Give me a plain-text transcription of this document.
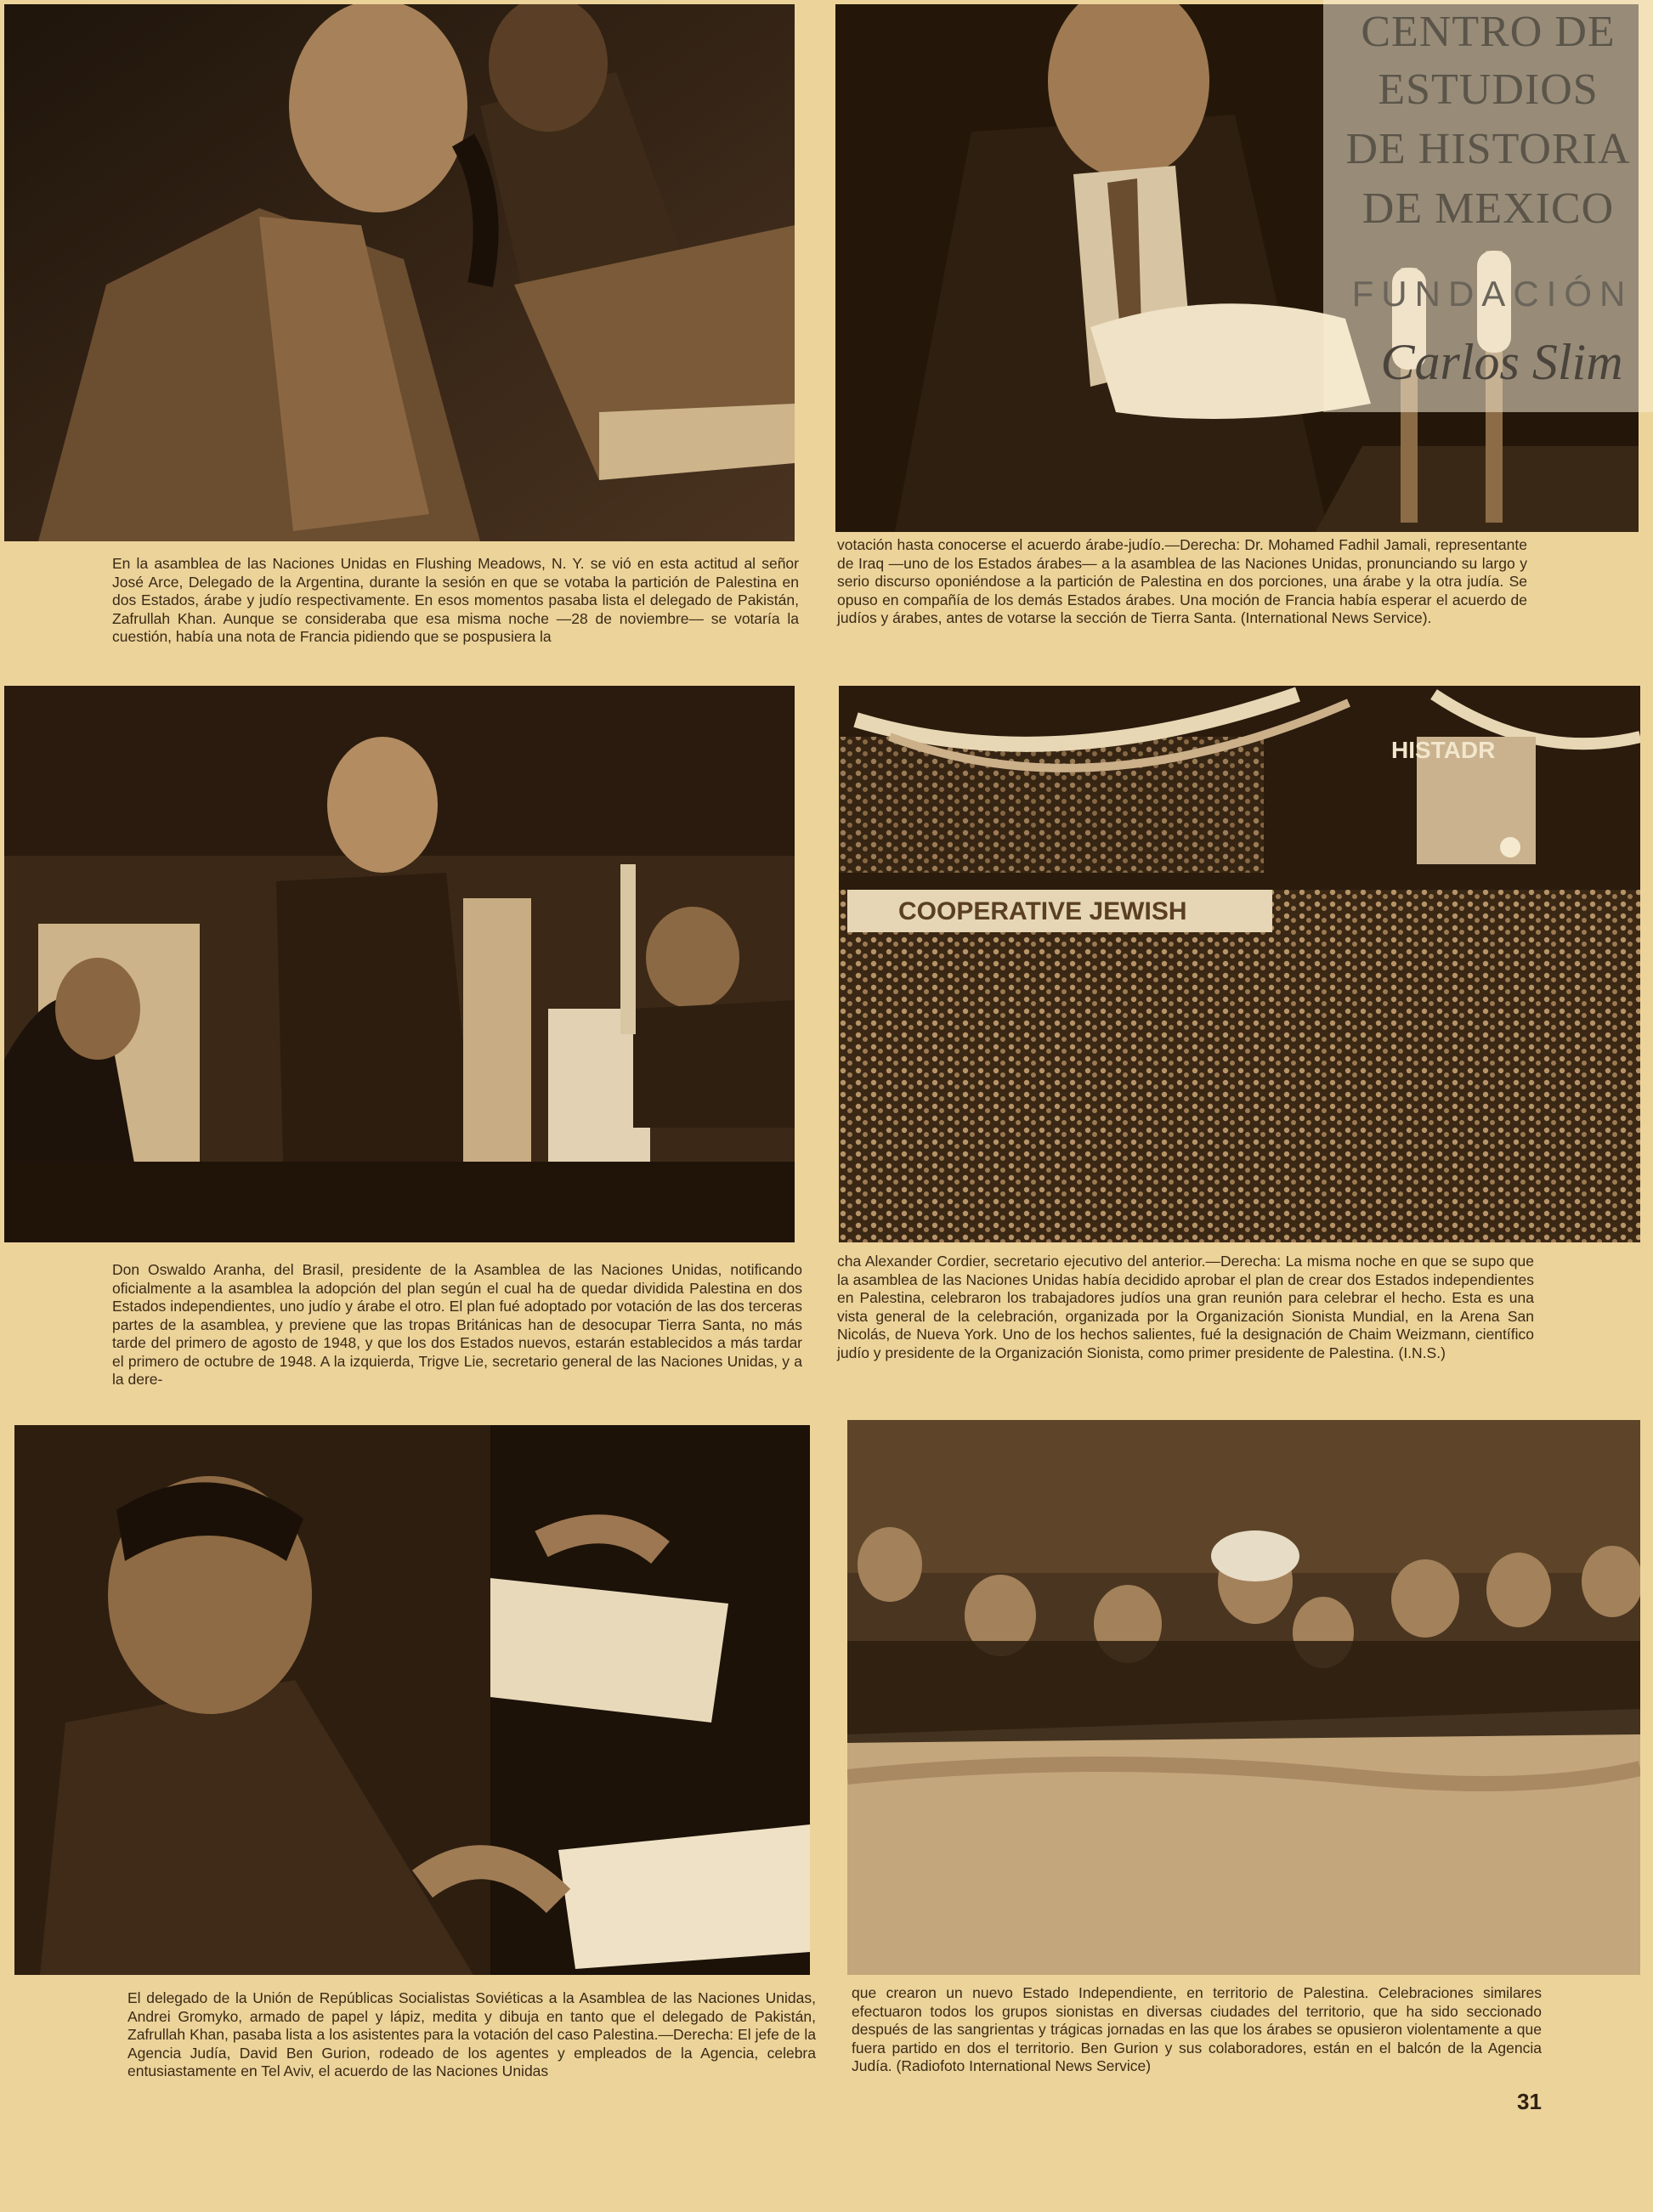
En la asamblea de las Naciones Unidas en Flushing Meadows, N. Y. se vió en esta actitud al señor José Arce, Delegado de la Argentina, durante la sesión en que se votaba la partición de Palestina en dos Estados, árabe y judío respectivamente. En esos momentos pasaba lista el delegado de Pakistán, Zafrullah Khan. Aunque se consideraba que esa misma noche —28 de noviembre— se votaría la cuestión, había una nota de Francia pidiendo que se pospusiera la
votación hasta conocerse el acuerdo árabe-judío.—Derecha: Dr. Mohamed Fadhil Jamali, representante de Iraq —uno de los Estados árabes— a la asamblea de las Naciones Unidas, pronunciando su largo y serio discurso oponiéndose a la partición de Palestina en dos porciones, una árabe y la otra judía. Se opuso en compañía de los demás Estados árabes. Una moción de Francia había esperar el acuerdo de judíos y árabes, antes de votarse la sección de Tierra Santa. (International News Service).
COOPERATIVE JEWISH
HISTADR
Don Oswaldo Aranha, del Brasil, presidente de la Asamblea de las Naciones Unidas, notificando oficialmente a la asamblea la adopción del plan según el cual ha de quedar dividida Palestina en dos Estados independientes, uno judío y árabe el otro. El plan fué adoptado por votación de las dos terceras partes de la asamblea, y previene que las tropas Británicas han de desocupar Tierra Santa, no más tarde del primero de agosto de 1948, y que los dos Estados nuevos, estarán establecidos a más tardar el primero de octubre de 1948. A la izquierda, Trigve Lie, secretario general de las Naciones Unidas, y a la dere-
cha Alexander Cordier, secretario ejecutivo del anterior.—Derecha: La misma noche en que se supo que la asamblea de las Naciones Unidas había decidido aprobar el plan de crear dos Estados independientes en Palestina, celebraron los trabajadores judíos una gran reunión para celebrar el hecho. Esta es una vista general de la celebración, organizada por la Organización Sionista Mundial, en la Arena San Nicolás, de Nueva York. Uno de los hechos salientes, fué la designación de Chaim Weizmann, científico judío y presidente de la Organización Sionista, como primer presidente de Palestina. (I.N.S.)
El delegado de la Unión de Repúblicas Socialistas Soviéticas a la Asamblea de las Naciones Unidas, Andrei Gromyko, armado de papel y lápiz, medita y dibuja en tanto que el delegado de Pakistán, Zafrullah Khan, pasaba lista a los asistentes para la votación del caso Palestina.—Derecha: El jefe de la Agencia Judía, David Ben Gurion, rodeado de los agentes y empleados de la Agencia, celebra entusiastamente en Tel Aviv, el acuerdo de las Naciones Unidas
que crearon un nuevo Estado Independiente, en territorio de Palestina. Celebraciones similares efectuaron todos los grupos sionistas en diversas ciudades del territorio, que ha sido seccionado después de las sangrientas y trágicas jornadas en las que los árabes se opusieron violentamente a que fuera partido en dos el territorio. Ben Gurion y sus colaboradores, están en el balcón de la Agencia Judía. (Radiofoto International News Service)
31
CENTRO DE
ESTUDIOS
DE HISTORIA
DE MEXICO
FUNDACIÓN
Carlos Slim
